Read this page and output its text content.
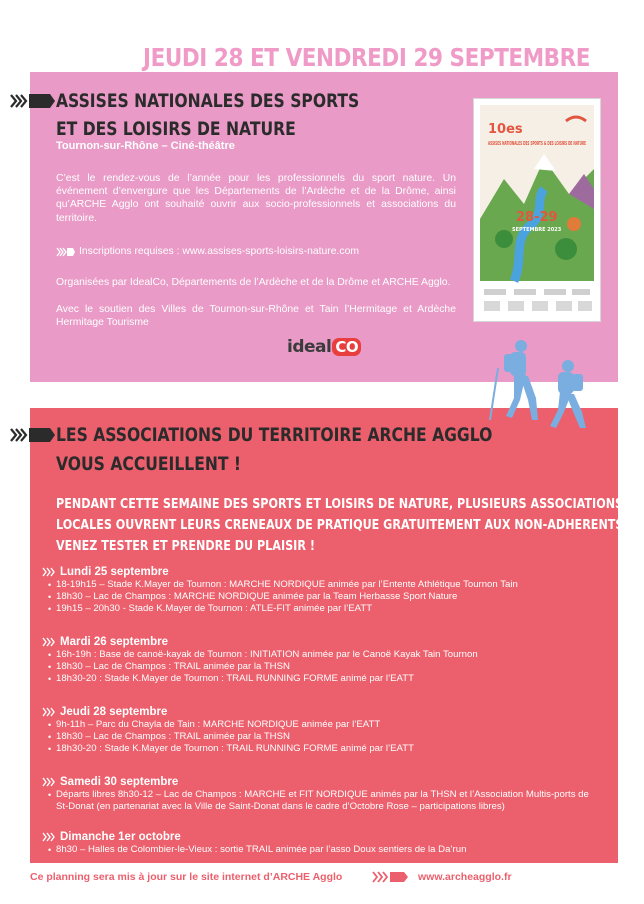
JEUDI 28 ET VENDREDI 29 SEPTEMBRE
ASSISES NATIONALES DES SPORTS
ET DES LOISIRS DE NATURE
Tournon-sur-Rhône – Ciné-théâtre
C’est le rendez-vous de l’année pour les professionnels du sport nature. Un événement d’envergure que les Départements de l’Ardèche et de la Drôme, ainsi qu’ARCHE Agglo ont souhaité ouvrir aux socio-professionnels et associations du territoire.
Inscriptions requises : www.assises-sports-loisirs-nature.com
Organisées par IdealCo, Départements de l’Ardèche et de la Drôme et ARCHE Agglo.
Avec le soutien des Villes de Tournon-sur-Rhône et Tain l’Hermitage et Ardèche Hermitage Tourisme
ideal CO
10es
ASSISES NATIONALES DES SPORTS & DES LOISIRS DE NATURE
28-29
SEPTEMBRE 2023
LES ASSOCIATIONS DU TERRITOIRE ARCHE AGGLO
VOUS ACCUEILLENT !
PENDANT CETTE SEMAINE DES SPORTS ET LOISIRS DE NATURE, PLUSIEURS ASSOCIATIONS
LOCALES OUVRENT LEURS CRENEAUX DE PRATIQUE GRATUITEMENT AUX NON-ADHERENTS.
VENEZ TESTER ET PRENDRE DU PLAISIR !
Lundi 25 septembre
• 18-19h15 – Stade K.Mayer de Tournon : MARCHE NORDIQUE animée par l’Entente Athlétique Tournon Tain
• 18h30 – Lac de Champos : MARCHE NORDIQUE animée par la Team Herbasse Sport Nature
• 19h15 – 20h30 - Stade K.Mayer de Tournon : ATLE-FIT animée par l’EATT
Mardi 26 septembre
• 16h-19h : Base de canoë-kayak de Tournon : INITIATION animée par le Canoë Kayak Tain Tournon
• 18h30 – Lac de Champos : TRAIL animée par la THSN
• 18h30-20 : Stade K.Mayer de Tournon : TRAIL RUNNING FORME animé par l’EATT
Jeudi 28 septembre
• 9h-11h – Parc du Chayla de Tain : MARCHE NORDIQUE animée par l’EATT
• 18h30 – Lac de Champos : TRAIL animée par la THSN
• 18h30-20 : Stade K.Mayer de Tournon : TRAIL RUNNING FORME animé par l’EATT
Samedi 30 septembre
• Départs libres 8h30-12 – Lac de Champos : MARCHE et FIT NORDIQUE animés par la THSN et l’Association Multis-ports de St-Donat (en partenariat avec la Ville de Saint-Donat dans le cadre d’Octobre Rose – participations libres)
Dimanche 1er octobre
• 8h30 – Halles de Colombier-le-Vieux : sortie TRAIL animée par l’asso Doux sentiers de la Da’run
Ce planning sera mis à jour sur le site internet d’ARCHE Agglo	www.archeagglo.fr
